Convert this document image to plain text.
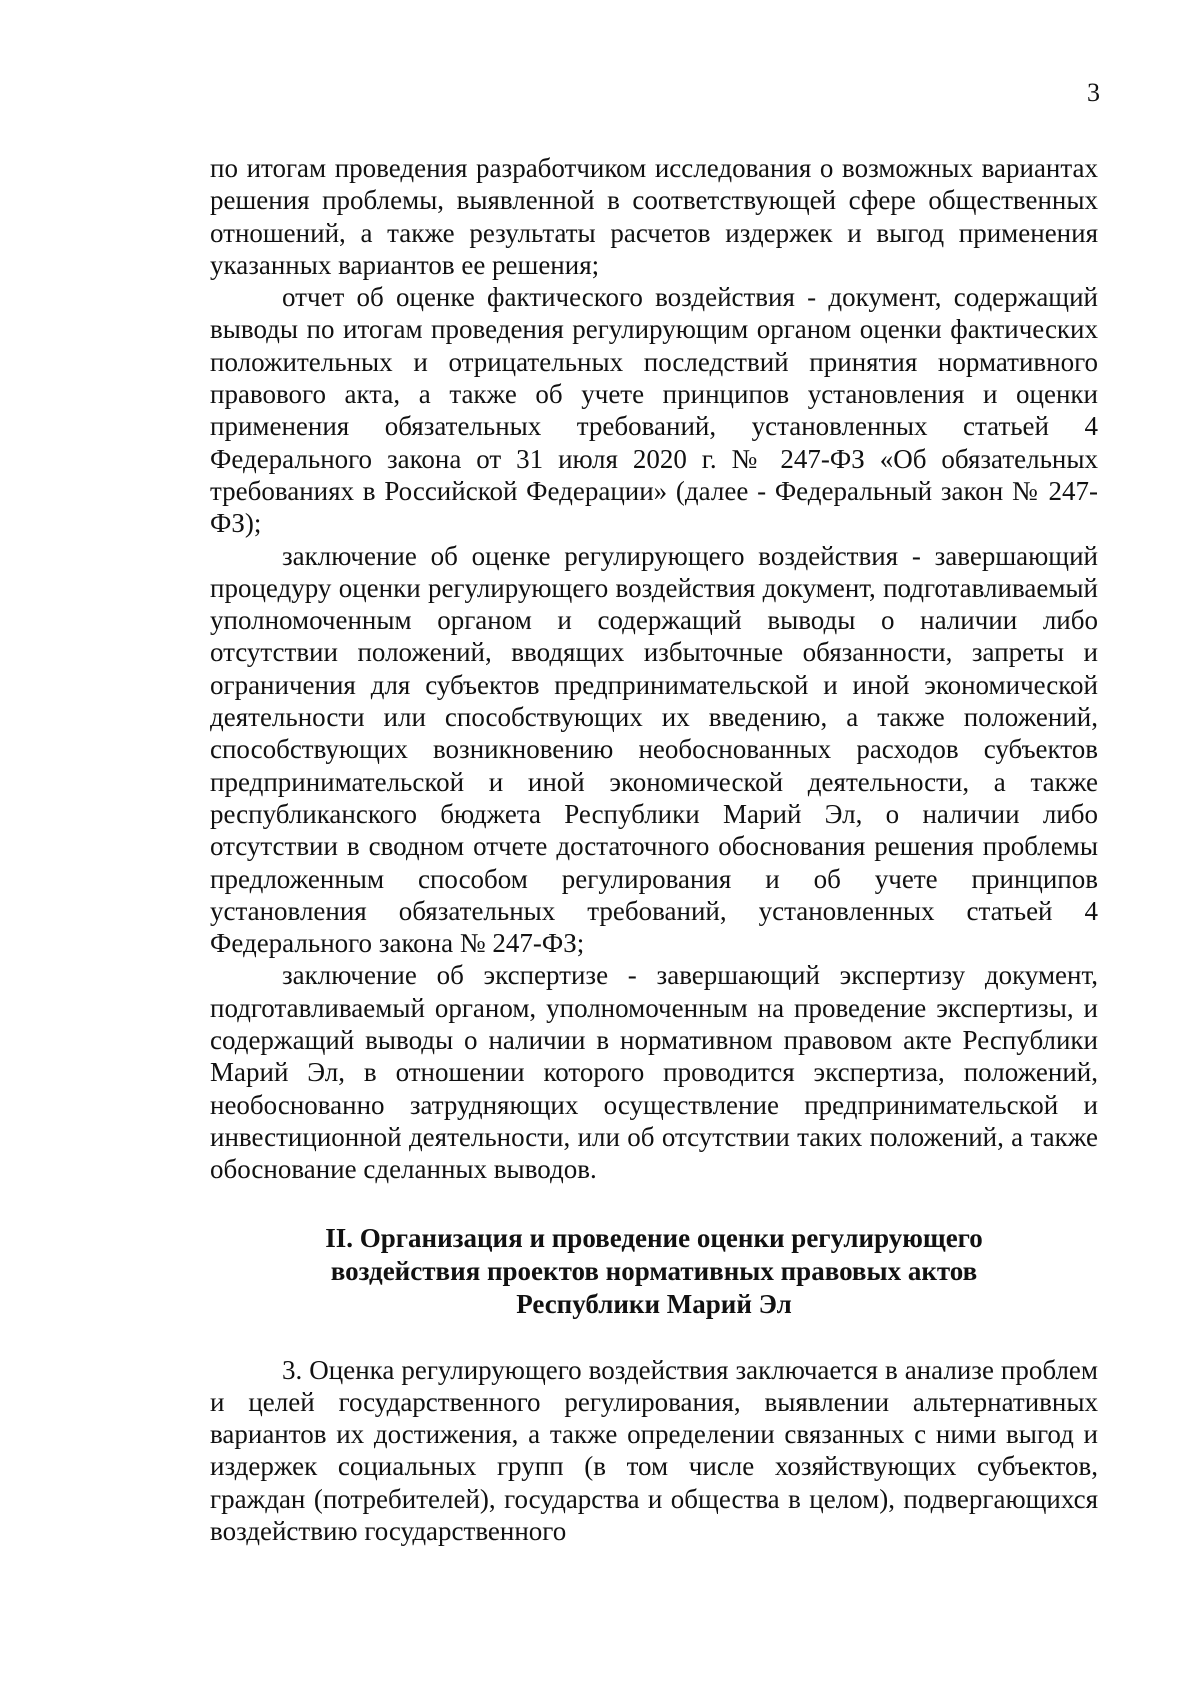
3

по итогам проведения разработчиком исследования о возможных вариантах решения проблемы, выявленной в соответствующей сфере общественных отношений, а также результаты расчетов издержек и выгод применения указанных вариантов ее решения;

отчет об оценке фактического воздействия - документ, содержащий выводы по итогам проведения регулирующим органом оценки фактических положительных и отрицательных последствий принятия нормативного правового акта, а также об учете принципов установления и оценки применения обязательных требований, установленных статьей 4 Федерального закона от 31 июля 2020 г. № 247-ФЗ «Об обязательных требованиях в Российской Федерации» (далее - Федеральный закон № 247-ФЗ);

заключение об оценке регулирующего воздействия - завершающий процедуру оценки регулирующего воздействия документ, подготавливаемый уполномоченным органом и содержащий выводы о наличии либо отсутствии положений, вводящих избыточные обязанности, запреты и ограничения для субъектов предпринимательской и иной экономической деятельности или способствующих их введению, а также положений, способствующих возникновению необоснованных расходов субъектов предпринимательской и иной экономической деятельности, а также республиканского бюджета Республики Марий Эл, о наличии либо отсутствии в сводном отчете достаточного обоснования решения проблемы предложенным способом регулирования и об учете принципов установления обязательных требований, установленных статьей 4 Федерального закона № 247-ФЗ;

заключение об экспертизе - завершающий экспертизу документ, подготавливаемый органом, уполномоченным на проведение экспертизы, и содержащий выводы о наличии в нормативном правовом акте Республики Марий Эл, в отношении которого проводится экспертиза, положений, необоснованно затрудняющих осуществление предпринимательской и инвестиционной деятельности, или об отсутствии таких положений, а также обоснование сделанных выводов.

II. Организация и проведение оценки регулирующего
воздействия проектов нормативных правовых актов
Республики Марий Эл

3. Оценка регулирующего воздействия заключается в анализе проблем и целей государственного регулирования, выявлении альтернативных вариантов их достижения, а также определении связанных с ними выгод и издержек социальных групп (в том числе хозяйствующих субъектов, граждан (потребителей), государства и общества в целом), подвергающихся воздействию государственного
